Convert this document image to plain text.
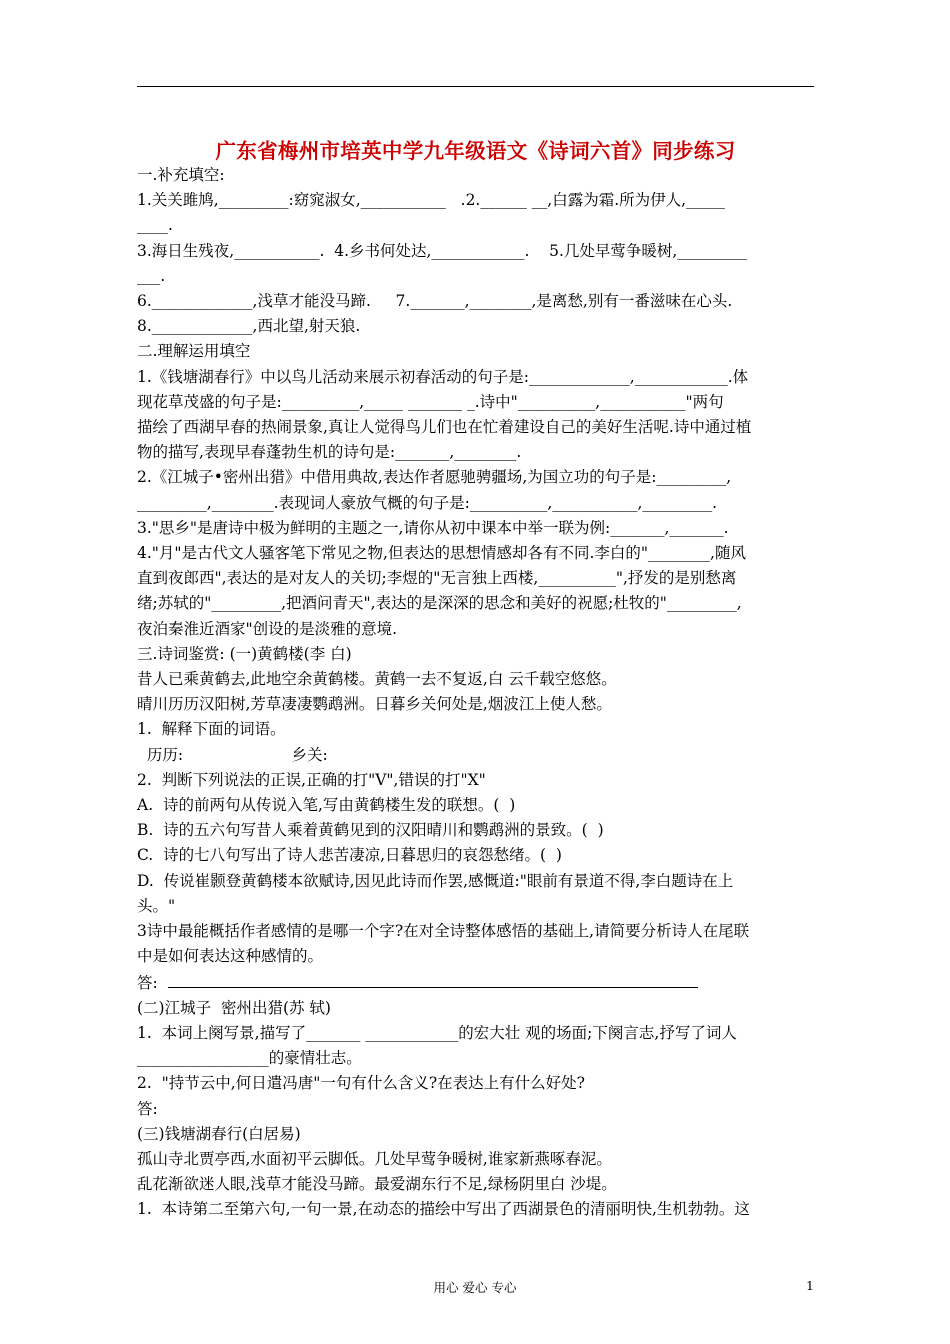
广东省梅州市培英中学九年级语文《诗词六首》同步练习

一.补充填空:

1.关关雎鸠,_________:窈窕淑女,___________   .2.______ __,白露为霜.所为伊人,_____

____.

3.海日生残夜,___________.  4.乡书何处达,____________.    5.几处早莺争暖树,_________

___.

6._____________,浅草才能没马蹄.     7._______,________,是离愁,别有一番滋味在心头.

8._____________,西北望,射天狼.

二.理解运用填空

1.《钱塘湖春行》中以鸟儿活动来展示初春活动的句子是:_____________,____________.体

现花草茂盛的句子是:__________,_____ _______ _.诗中"__________,___________"两句

描绘了西湖早春的热闹景象,真让人觉得鸟儿们也在忙着建设自己的美好生活呢.诗中通过植

物的描写,表现早春蓬勃生机的诗句是:_______,________.

2.《江城子•密州出猎》中借用典故,表达作者愿驰骋疆场,为国立功的句子是:_________,

_________,________.表现词人豪放气概的句子是:__________,___________,_________.

3."思乡"是唐诗中极为鲜明的主题之一,请你从初中课本中举一联为例:_______,_______.

4."月"是古代文人骚客笔下常见之物,但表达的思想情感却各有不同.李白的"________,随风

直到夜郎西",表达的是对友人的关切;李煜的"无言独上西楼,__________",抒发的是别愁离

绪;苏轼的"_________,把酒问青天",表达的是深深的思念和美好的祝愿;杜牧的"_________,

夜泊秦淮近酒家"创设的是淡雅的意境.

三.诗词鉴赏: (一)黄鹤楼(李 白)

昔人已乘黄鹤去,此地空余黄鹤楼。黄鹤一去不复返,白 云千载空悠悠。

晴川历历汉阳树,芳草凄凄鹦鹉洲。日暮乡关何处是,烟波江上使人愁。

1.  解释下面的词语。

历历:                      乡关:

2.  判断下列说法的正误,正确的打"V",错误的打"X"

A.  诗的前两句从传说入笔,写由黄鹤楼生发的联想。(  )

B.  诗的五六句写昔人乘着黄鹤见到的汉阳晴川和鹦鹉洲的景致。(  )

C.  诗的七八句写出了诗人悲苦凄凉,日暮思归的哀怨愁绪。(  )

D.  传说崔颢登黄鹤楼本欲赋诗,因见此诗而作罢,感慨道:"眼前有景道不得,李白题诗在上

头。"

3诗中最能概括作者感情的是哪一个字?在对全诗整体感悟的基础上,请简要分析诗人在尾联

中是如何表达这种感情的。

答:

(二)江城子  密州出猎(苏 轼)

1.  本词上阕写景,描写了_______ ____________的宏大壮 观的场面;下阕言志,抒写了词人

_________________的豪情壮志。

2.  "持节云中,何日遣冯唐"一句有什么含义?在表达上有什么好处?

答:

(三)钱塘湖春行(白居易)

孤山寺北贾亭西,水面初平云脚低。几处早莺争暖树,谁家新燕啄春泥。

乱花渐欲迷人眼,浅草才能没马蹄。最爱湖东行不足,绿杨阴里白 沙堤。

1.  本诗第二至第六句,一句一景,在动态的描绘中写出了西湖景色的清丽明快,生机勃勃。这

用心 爱心 专心	1
